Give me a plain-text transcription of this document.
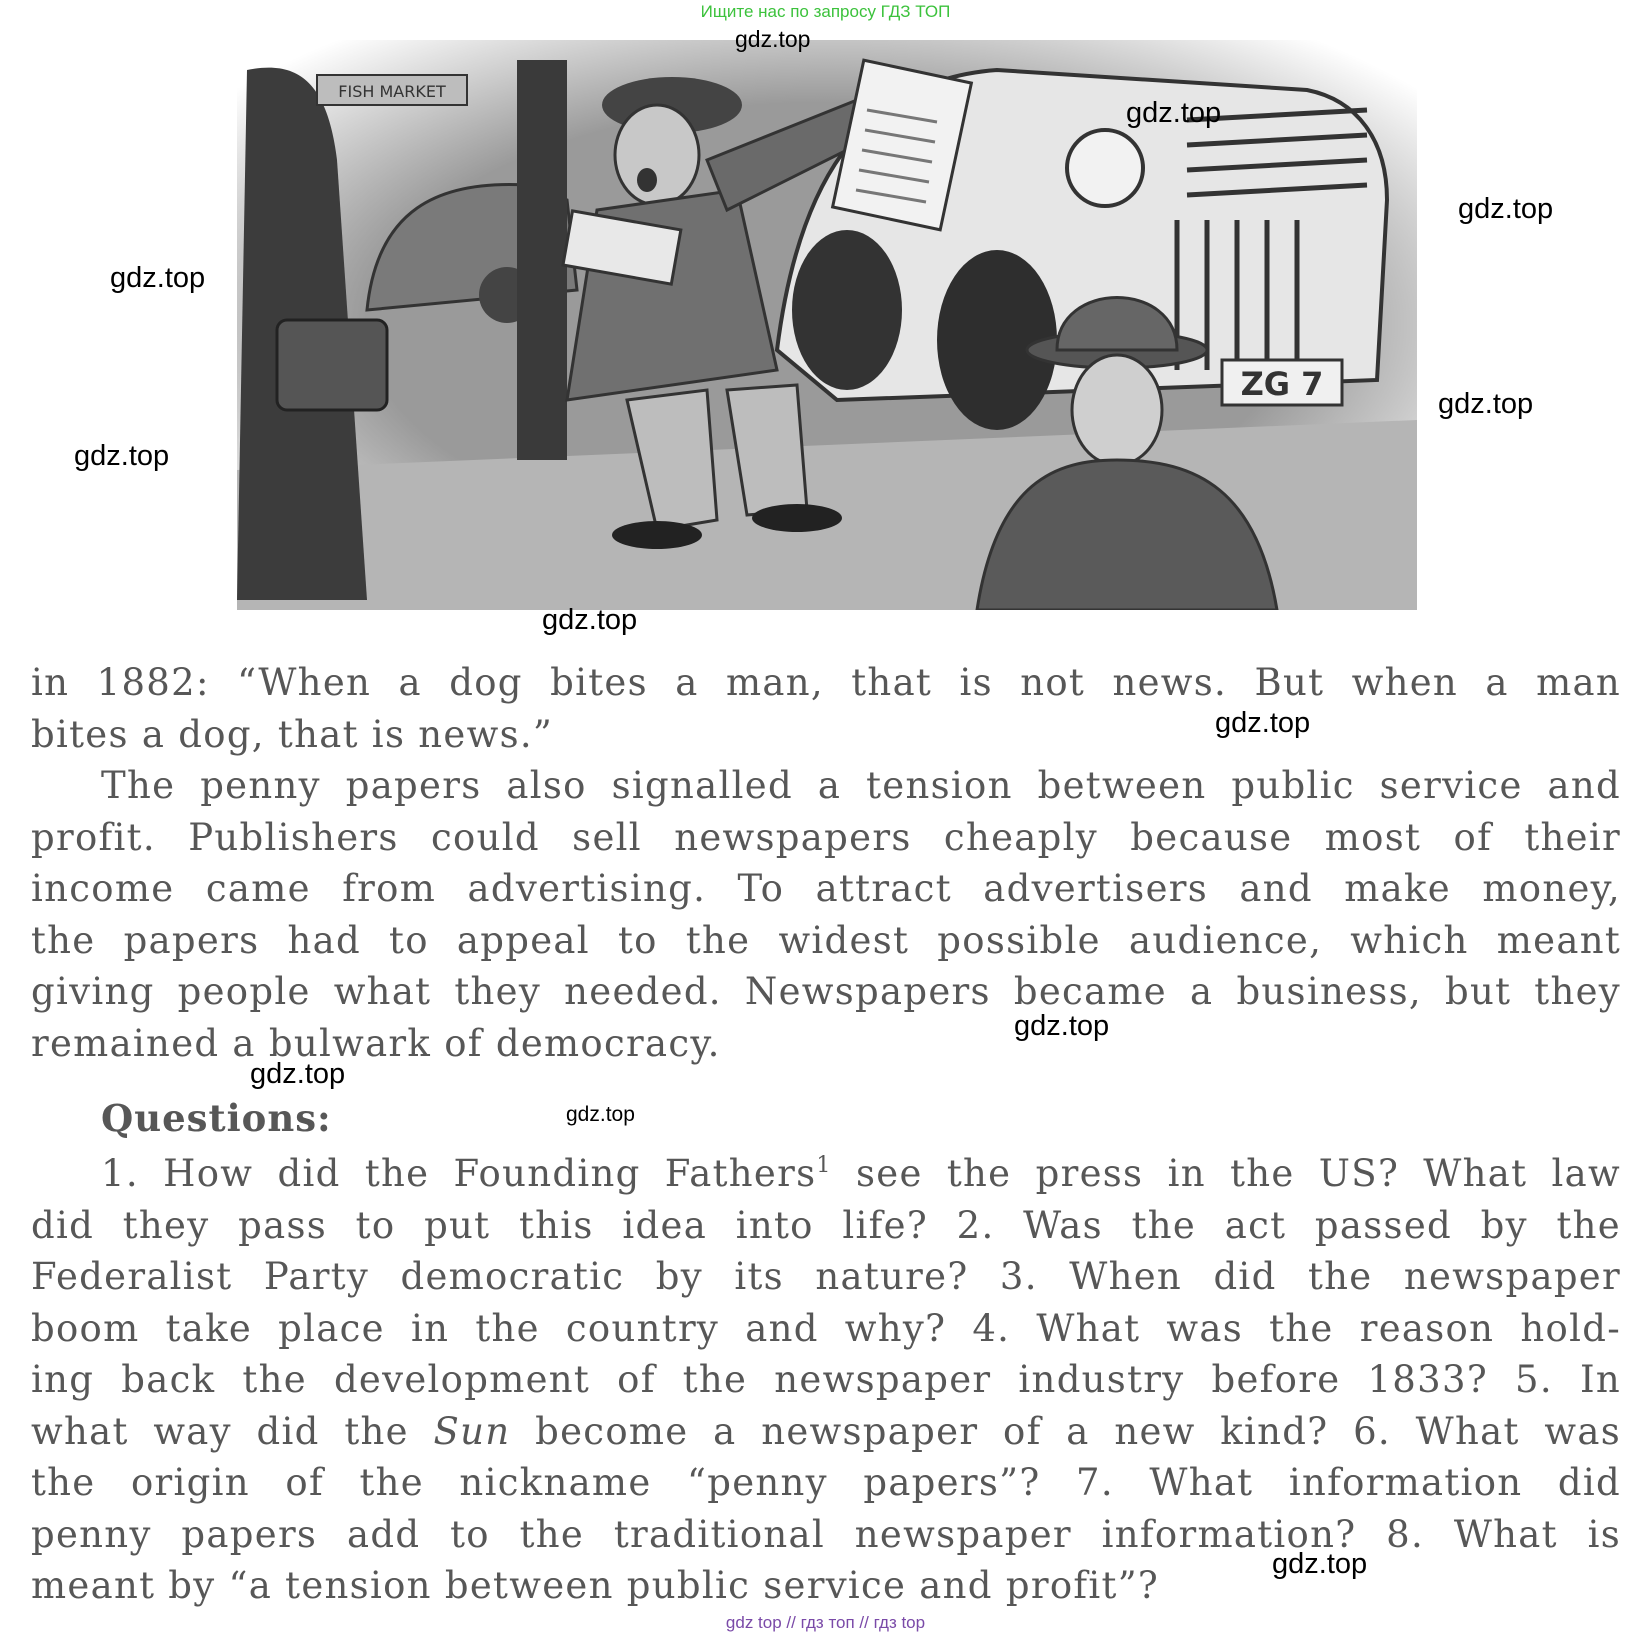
Ищите нас по запросу ГДЗ ТОП
FISH MARKET
ZG 7
in 1882: “When a dog bites a man, that is not news. But when a man
bites a dog, that is news.”
The penny papers also signalled a tension between public service and
profit. Publishers could sell newspapers cheaply because most of their
income came from advertising. To attract advertisers and make money,
the papers had to appeal to the widest possible audience, which meant
giving people what they needed. Newspapers became a business, but they
remained a bulwark of democracy.
Questions:
1. How did the Founding Fathers$^1$ see the press in the US? What law
did they pass to put this idea into life? 2. Was the act passed by the
Federalist Party democratic by its nature? 3. When did the newspaper
boom take place in the country and why? 4. What was the reason hold-
ing back the development of the newspaper industry before 1833? 5. In
what way did the Sun become a newspaper of a new kind? 6. What was
the origin of the nickname “penny papers”? 7. What information did
penny papers add to the traditional newspaper information? 8. What is
meant by “a tension between public service and profit”?
gdz.top
gdz.top
gdz.top
gdz.top
gdz.top
gdz.top
gdz.top
gdz.top
gdz.top
gdz.top
gdz.top
gdz.top
gdz top // гдз топ // гдз top
